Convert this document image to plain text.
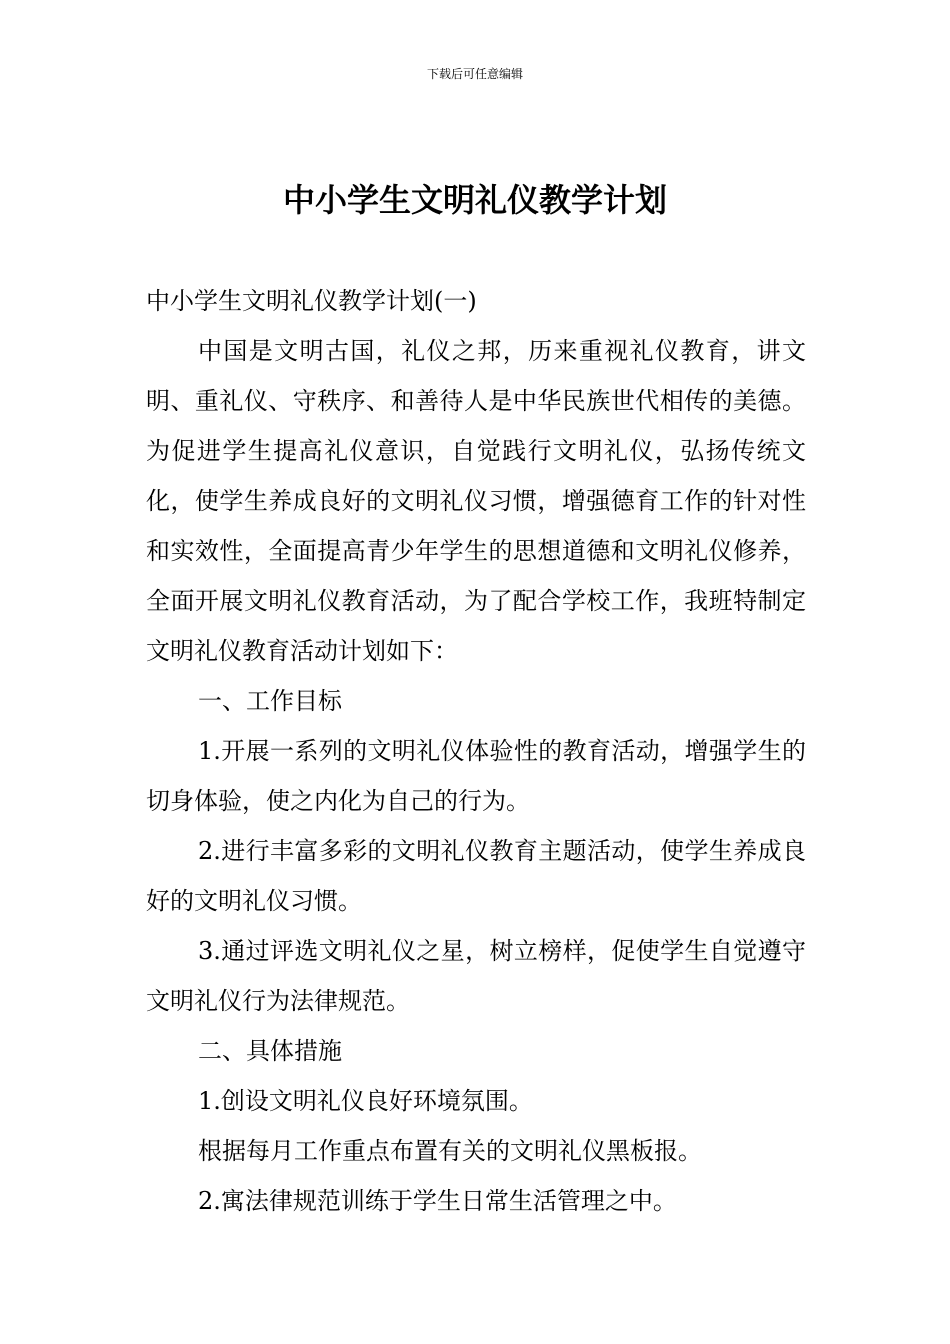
下载后可任意编辑
中小学生文明礼仪教学计划

中小学生文明礼仪教学计划(一)

中国是文明古国，礼仪之邦，历来重视礼仪教育，讲文明、重礼仪、守秩序、和善待人是中华民族世代相传的美德。为促进学生提高礼仪意识，自觉践行文明礼仪，弘扬传统文化，使学生养成良好的文明礼仪习惯，增强德育工作的针对性和实效性，全面提高青少年学生的思想道德和文明礼仪修养，全面开展文明礼仪教育活动，为了配合学校工作，我班特制定文明礼仪教育活动计划如下：

一、工作目标

1.开展一系列的文明礼仪体验性的教育活动，增强学生的切身体验，使之内化为自己的行为。

2.进行丰富多彩的文明礼仪教育主题活动，使学生养成良好的文明礼仪习惯。

3.通过评选文明礼仪之星，树立榜样，促使学生自觉遵守文明礼仪行为法律规范。

二、具体措施

1.创设文明礼仪良好环境氛围。

根据每月工作重点布置有关的文明礼仪黑板报。

2.寓法律规范训练于学生日常生活管理之中。
